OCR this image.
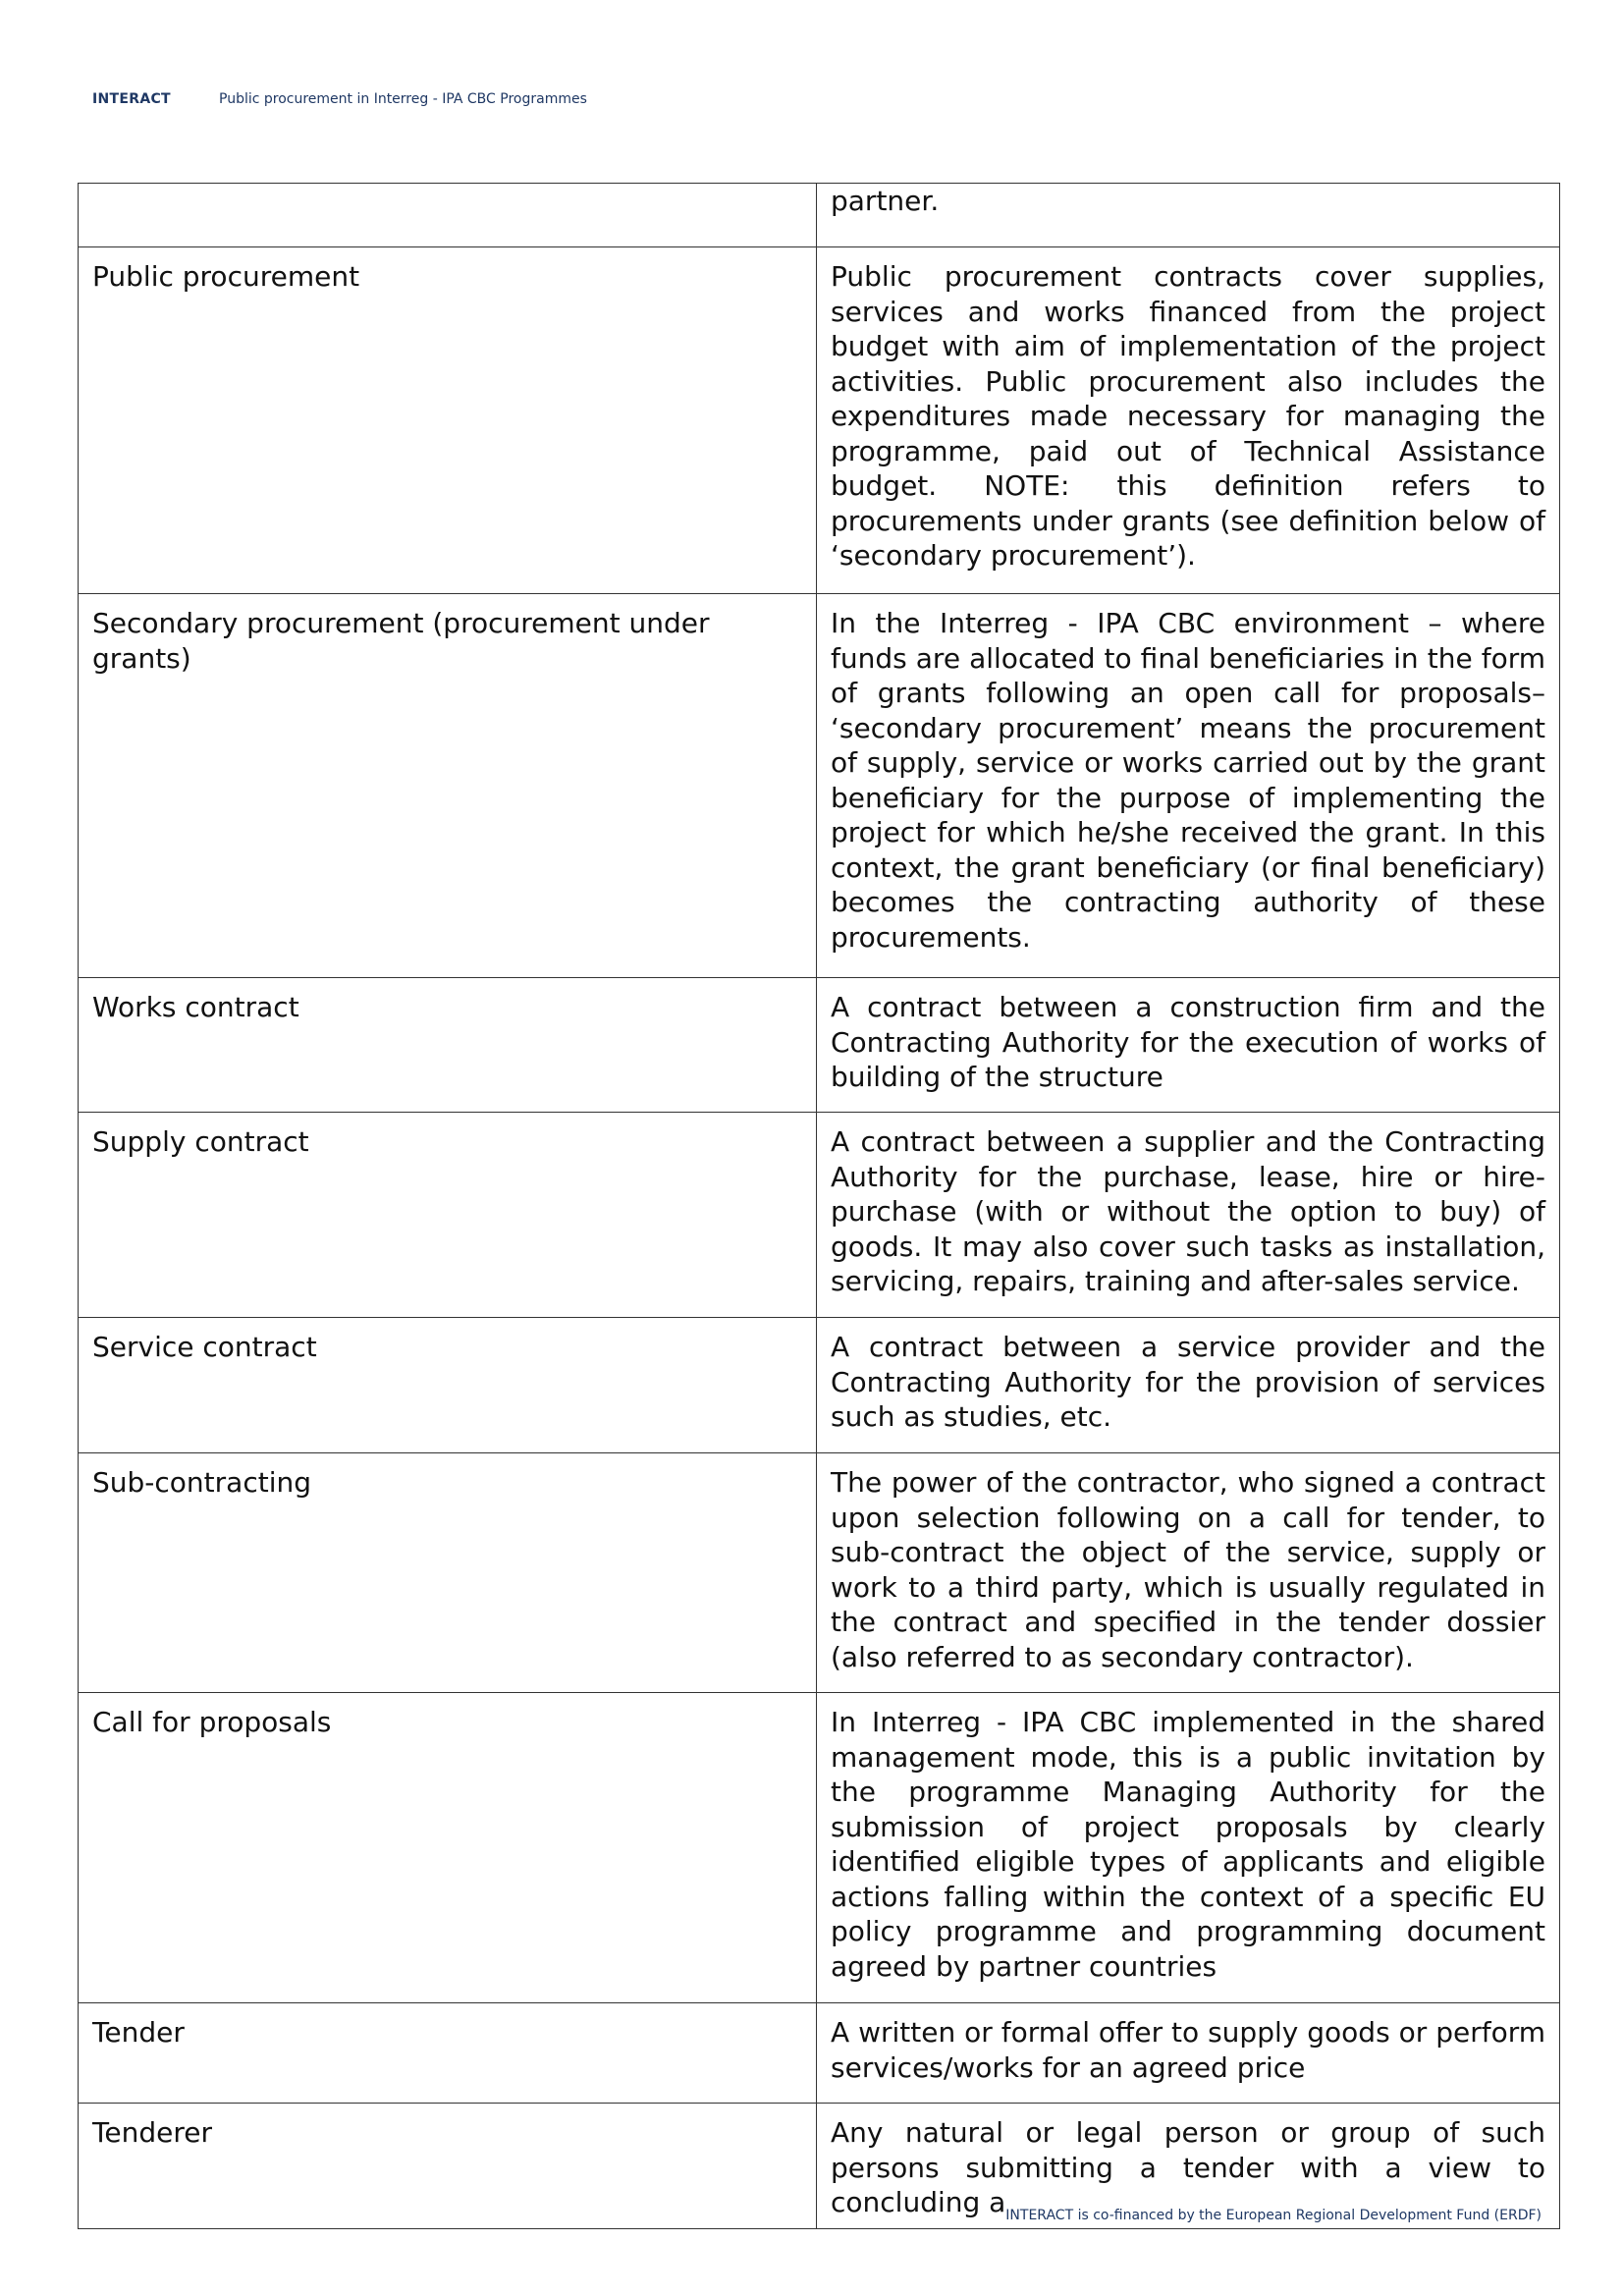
INTERACT	Public procurement in Interreg - IPA CBC Programmes

	partner.

Public procurement	Public procurement contracts cover supplies, services and works financed from the project budget with aim of implementation of the project activities. Public procurement also includes the expenditures made necessary for managing the programme, paid out of Technical Assistance budget. NOTE: this definition refers to procurements under grants (see definition below of ‘secondary procurement’).

Secondary procurement (procurement under grants)	In the Interreg - IPA CBC environment – where funds are allocated to final beneficiaries in the form of grants following an open call for proposals– ‘secondary procurement’ means the procurement of supply, service or works carried out by the grant beneficiary for the purpose of implementing the project for which he/she received the grant. In this context, the grant beneficiary (or final beneficiary) becomes the contracting authority of these procurements.

Works contract	A contract between a construction firm and the Contracting Authority for the execution of works of building of the structure

Supply contract	A contract between a supplier and the Contracting Authority for the purchase, lease, hire or hire-purchase (with or without the option to buy) of goods. It may also cover such tasks as installation, servicing, repairs, training and after-sales service.

Service contract	A contract between a service provider and the Contracting Authority for the provision of services such as studies, etc.

Sub-contracting	The power of the contractor, who signed a contract upon selection following on a call for tender, to sub-contract the object of the service, supply or work to a third party, which is usually regulated in the contract and specified in the tender dossier (also referred to as secondary contractor).

Call for proposals	In Interreg - IPA CBC implemented in the shared management mode, this is a public invitation by the programme Managing Authority for the submission of project proposals by clearly identified eligible types of applicants and eligible actions falling within the context of a specific EU policy programme and programming document agreed by partner countries

Tender	A written or formal offer to supply goods or perform services/works for an agreed price

Tenderer	Any natural or legal person or group of such persons submitting a tender with a view to concluding a INTERACT is co-financed by the European Regional Development Fund (ERDF)
